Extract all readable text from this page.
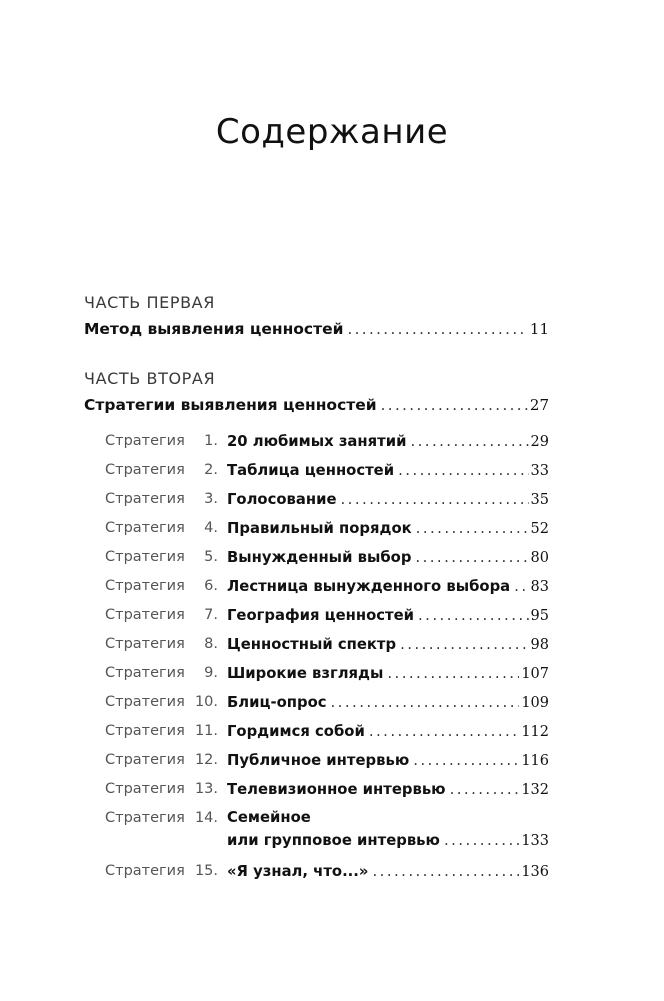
Содержание
ЧАСТЬ ПЕРВАЯ
Метод выявления ценностей .....	11
ЧАСТЬ ВТОРАЯ
Стратегии выявления ценностей .....	27
Стратегия	1. 20 любимых занятий .....	29
Стратегия	2. Таблица ценностей .....	33
Стратегия	3. Голосование .....	35
Стратегия	4. Правильный порядок .....	52
Стратегия	5. Вынужденный выбор .....	80
Стратегия	6. Лестница вынужденного выбора ..... 83
Стратегия	7. География ценностей .....	95
Стратегия	8. Ценностный спектр .....	98
Стратегия	9. Широкие взгляды .....	107
Стратегия 10. Блиц-опрос .....	109
Стратегия 11. Гордимся собой .....	112
Стратегия 12. Публичное интервью .....	116
Стратегия 13. Телевизионное интервью .....	132
Стратегия 14. Семейное
или групповое интервью .....	133
Стратегия 15. «Я узнал, что...» .....	136
